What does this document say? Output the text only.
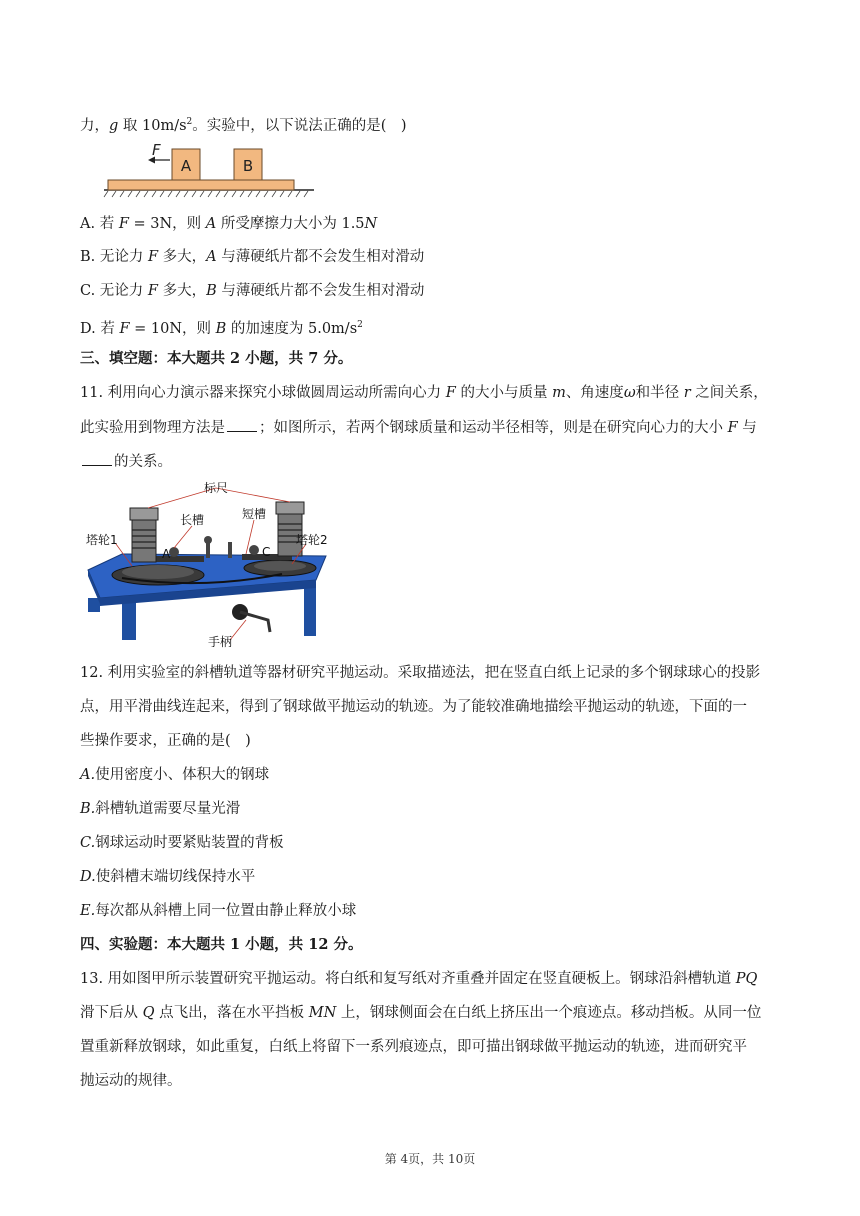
力，g 取 $10m/s^2$。实验中，以下说法正确的是(　)
A	B
F
A. 若 F = 3N，则 A 所受摩擦力大小为 1.5N
B. 无论力 F 多大，A 与薄硬纸片都不会发生相对滑动
C. 无论力 F 多大，B 与薄硬纸片都不会发生相对滑动
D. 若 F = 10N，则 B 的加速度为 $5.0m/s^2$
三、填空题：本大题共 2 小题，共 7 分。
11. 利用向心力演示器来探究小球做圆周运动所需向心力 F 的大小与质量 m、角速度ω和半径 r 之间关系，
此实验用到物理方法是 ；如图所示，若两个钢球质量和运动半径相等，则是在研究向心力的大小 F 与
的关系。
标尺
长槽	短槽
塔轮1	塔轮2
手柄
A	C
12. 利用实验室的斜槽轨道等器材研究平抛运动。采取描迹法，把在竖直白纸上记录的多个钢球球心的投影
点，用平滑曲线连起来，得到了钢球做平抛运动的轨迹。为了能较准确地描绘平抛运动的轨迹，下面的一
些操作要求，正确的是(　)
A.使用密度小、体积大的钢球
B.斜槽轨道需要尽量光滑
C.钢球运动时要紧贴装置的背板
D.使斜槽末端切线保持水平
E.每次都从斜槽上同一位置由静止释放小球
四、实验题：本大题共 1 小题，共 12 分。
13. 用如图甲所示装置研究平抛运动。将白纸和复写纸对齐重叠并固定在竖直硬板上。钢球沿斜槽轨道 PQ
滑下后从 Q 点飞出，落在水平挡板 MN 上，钢球侧面会在白纸上挤压出一个痕迹点。移动挡板。从同一位
置重新释放钢球，如此重复，白纸上将留下一系列痕迹点，即可描出钢球做平抛运动的轨迹，进而研究平
抛运动的规律。
第 4页，共 10页
